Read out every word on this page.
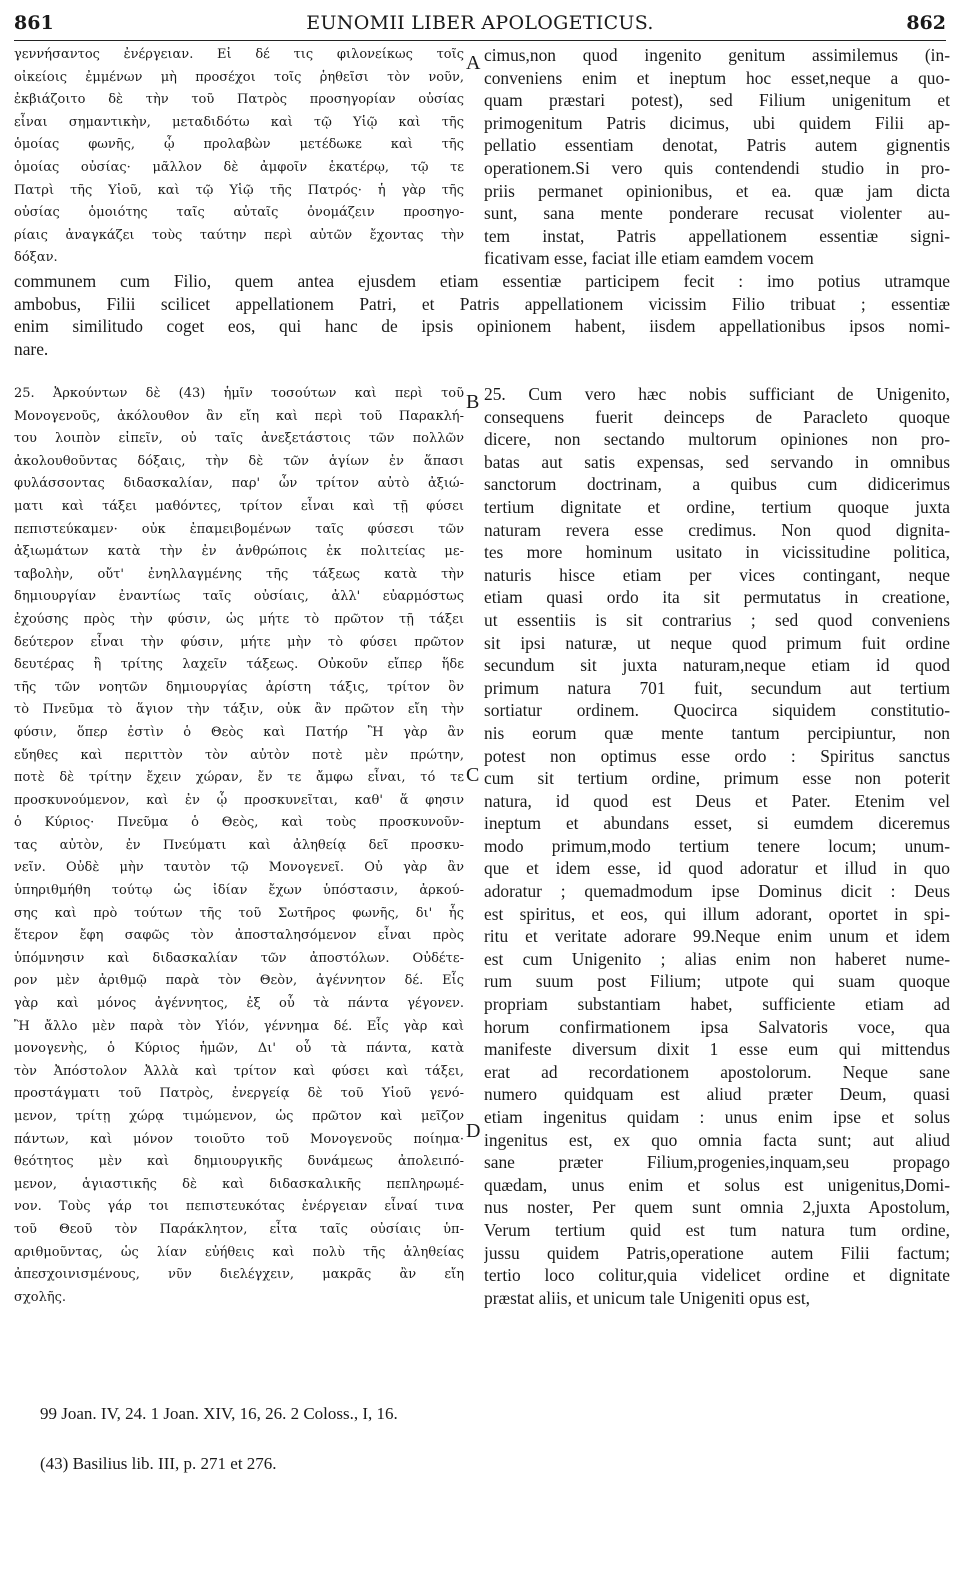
861	EUNOMII LIBER APOLOGETICUS.	862
γεννήσαντος ἐνέργειαν. Εἰ δέ τις φιλονείκως τοῖς
οἰκείοις ἐμμένων μὴ προσέχοι τοῖς ῥηθεῖσι τὸν νοῦν,
ἐκβιάζοιτο δὲ τὴν τοῦ Πατρὸς προσηγορίαν οὐσίας
εἶναι σημαντικὴν, μεταδιδότω καὶ τῷ Υἱῷ καὶ τῆς
ὁμοίας φωνῆς, ᾧ προλαβὼν μετέδωκε καὶ τῆς
ὁμοίας οὐσίας· μᾶλλον δὲ ἀμφοῖν ἑκατέρῳ, τῷ τε
Πατρὶ τῆς Υἱοῦ, καὶ τῷ Υἱῷ τῆς Πατρός· ἡ γὰρ τῆς
οὐσίας ὁμοιότης ταῖς αὐταῖς ὀνομάζειν προσηγο-
ρίαις ἀναγκάζει τοὺς ταύτην περὶ αὐτῶν ἔχοντας τὴν
δόξαν.
cimus,non quod ingenito genitum assimilemus (in-
conveniens enim et ineptum hoc esset,neque a quo-
quam præstari potest), sed Filium unigenitum et
primogenitum Patris dicimus, ubi quidem Filii ap-
pellatio essentiam denotat, Patris autem gignentis
operationem.Si vero quis contendendi studio in pro-
priis permanet opinionibus, et ea. quæ jam dicta
sunt, sana mente ponderare recusat violenter au-
tem instat, Patris appellationem essentiæ signi-
ficativam esse, faciat ille etiam eamdem vocem
A
communem cum Filio, quem antea ejusdem etiam essentiæ participem fecit : imo potius utramque
ambobus, Filii scilicet appellationem Patri, et Patris appellationem vicissim Filio tribuat ; essentiæ
enim similitudo coget eos, qui hanc de ipsis opinionem habent, iisdem appellationibus ipsos nomi-
nare.
25. Ἀρκούντων δὲ (43) ἡμῖν τοσούτων καὶ περὶ τοῦ
Μονογενοῦς, ἀκόλουθον ἂν εἴη καὶ περὶ τοῦ Παρακλή-
του λοιπὸν εἰπεῖν, οὐ ταῖς ἀνεξετάστοις τῶν πολλῶν
ἀκολουθοῦντας δόξαις, τὴν δὲ τῶν ἁγίων ἐν ἅπασι
φυλάσσοντας διδασκαλίαν, παρ' ὧν τρίτον αὐτὸ ἀξιώ-
ματι καὶ τάξει μαθόντες, τρίτον εἶναι καὶ τῇ φύσει
πεπιστεύκαμεν· οὐκ ἐπαμειβομένων ταῖς φύσεσι τῶν
ἀξιωμάτων κατὰ τὴν ἐν ἀνθρώποις ἐκ πολιτείας με-
ταβολὴν, οὔτ' ἐνηλλαγμένης τῆς τάξεως κατὰ τὴν
δημιουργίαν ἐναντίως ταῖς οὐσίαις, ἀλλ' εὐαρμόστως
ἐχούσης πρὸς τὴν φύσιν, ὡς μήτε τὸ πρῶτον τῇ τάξει
δεύτερον εἶναι τὴν φύσιν, μήτε μὴν τὸ φύσει πρῶτον
δευτέρας ἢ τρίτης λαχεῖν τάξεως. Οὐκοῦν εἴπερ ἥδε
τῆς τῶν νοητῶν δημιουργίας ἀρίστη τάξις, τρίτον ὂν
τὸ Πνεῦμα τὸ ἅγιον τὴν τάξιν, οὐκ ἂν πρῶτον εἴη τὴν
φύσιν, ὅπερ ἐστὶν ὁ Θεὸς καὶ Πατήρ Ἢ γὰρ ἂν
εὔηθες καὶ περιττὸν τὸν αὐτὸν ποτὲ μὲν πρώτην,
ποτὲ δὲ τρίτην ἔχειν χώραν, ἔν τε ἄμφω εἶναι, τό τε
προσκυνούμενον, καὶ ἐν ᾧ προσκυνεῖται, καθ' ἅ φησιν
ὁ Κύριος· Πνεῦμα ὁ Θεὸς, καὶ τοὺς προσκυνοῦν-
τας αὐτὸν, ἐν Πνεύματι καὶ ἀληθείᾳ δεῖ προσκυ-
νεῖν. Οὐδὲ μὴν ταυτὸν τῷ Μονογενεῖ. Οὐ γὰρ ἂν
ὑπηριθμήθη τούτῳ ὡς ἰδίαν ἔχων ὑπόστασιν, ἀρκού-
σης καὶ πρὸ τούτων τῆς τοῦ Σωτῆρος φωνῆς, δι' ἧς
ἕτερον ἔφη σαφῶς τὸν ἀποσταλησόμενον εἶναι πρὸς
ὑπόμνησιν καὶ διδασκαλίαν τῶν ἀποστόλων. Οὐδέτε-
ρον μὲν ἀριθμῷ παρὰ τὸν Θεὸν, ἀγέννητον δέ. Εἷς
γὰρ καὶ μόνος ἀγέννητος, ἐξ οὗ τὰ πάντα γέγονεν.
Ἢ ἄλλο μὲν παρὰ τὸν Υἱόν, γέννημα δέ. Εἷς γὰρ καὶ
μονογενὴς, ὁ Κύριος ἡμῶν, Δι' οὗ τὰ πάντα, κατὰ
τὸν Ἀπόστολον Ἀλλὰ καὶ τρίτον καὶ φύσει καὶ τάξει,
προστάγματι τοῦ Πατρὸς, ἐνεργείᾳ δὲ τοῦ Υἱοῦ γενό-
μενον, τρίτῃ χώρᾳ τιμώμενον, ὡς πρῶτον καὶ μεῖζον
πάντων, καὶ μόνον τοιοῦτο τοῦ Μονογενοῦς ποίημα·
θεότητος μὲν καὶ δημιουργικῆς δυνάμεως ἀπολειπό-
μενον, ἁγιαστικῆς δὲ καὶ διδασκαλικῆς πεπληρωμέ-
νον. Τοὺς γάρ τοι πεπιστευκότας ἐνέργειαν εἶναί τινα
τοῦ Θεοῦ τὸν Παράκλητον, εἶτα ταῖς οὐσίαις ὑπ-
αριθμοῦντας, ὡς λίαν εὐήθεις καὶ πολὺ τῆς ἀληθείας
ἀπεσχοινισμένους, νῦν διελέγχειν, μακρᾶς ἂν εἴη
σχολῆς.
25. Cum vero hæc nobis sufficiant de Unigenito,
consequens fuerit deinceps de Paracleto quoque
dicere, non sectando multorum opiniones non pro-
batas aut satis expensas, sed servando in omnibus
sanctorum doctrinam, a quibus cum didicerimus
tertium dignitate et ordine, tertium quoque juxta
naturam revera esse credimus. Non quod dignita-
tes more hominum usitato in vicissitudine politica,
naturis hisce etiam per vices contingant, neque
etiam quasi ordo ita sit permutatus in creatione,
ut essentiis is sit contrarius ; sed quod conveniens
sit ipsi naturæ, ut neque quod primum fuit ordine
secundum sit juxta naturam,neque etiam id quod
primum natura 701 fuit, secundum aut tertium
sortiatur ordinem. Quocirca siquidem constitutio-
nis eorum quæ mente tantum percipiuntur, non
potest non optimus esse ordo : Spiritus sanctus
cum sit tertium ordine, primum esse non poterit
natura, id quod est Deus et Pater. Etenim vel
ineptum et abundans esset, si eumdem diceremus
modo primum,modo tertium tenere locum; unum-
que et idem esse, id quod adoratur et illud in quo
adoratur ; quemadmodum ipse Dominus dicit : Deus
est spiritus, et eos, qui illum adorant, oportet in spi-
ritu et veritate adorare 99.Neque enim unum et idem
est cum Unigenito ; alias enim non haberet nume-
rum suum post Filium; utpote qui suam quoque
propriam substantiam habet, sufficiente etiam ad
horum confirmationem ipsa Salvatoris voce, qua
manifeste diversum dixit 1 esse eum qui mittendus
erat ad recordationem apostolorum. Neque sane
numero quidquam est aliud præter Deum, quasi
etiam ingenitus quidam : unus enim ipse et solus
ingenitus est, ex quo omnia facta sunt; aut aliud
sane præter Filium,progenies,inquam,seu propago
quædam, unus enim et solus est unigenitus,Domi-
nus noster, Per quem sunt omnia 2,juxta Apostolum,
Verum tertium quid est tum natura tum ordine,
jussu quidem Patris,operatione autem Filii factum;
tertio loco colitur,quia videlicet ordine et dignitate
præstat aliis, et unicum tale Unigeniti opus est,
B
C
D
99 Joan. IV, 24. 1 Joan. XIV, 16, 26. 2 Coloss., I, 16.
(43) Basilius lib. III, p. 271 et 276.
